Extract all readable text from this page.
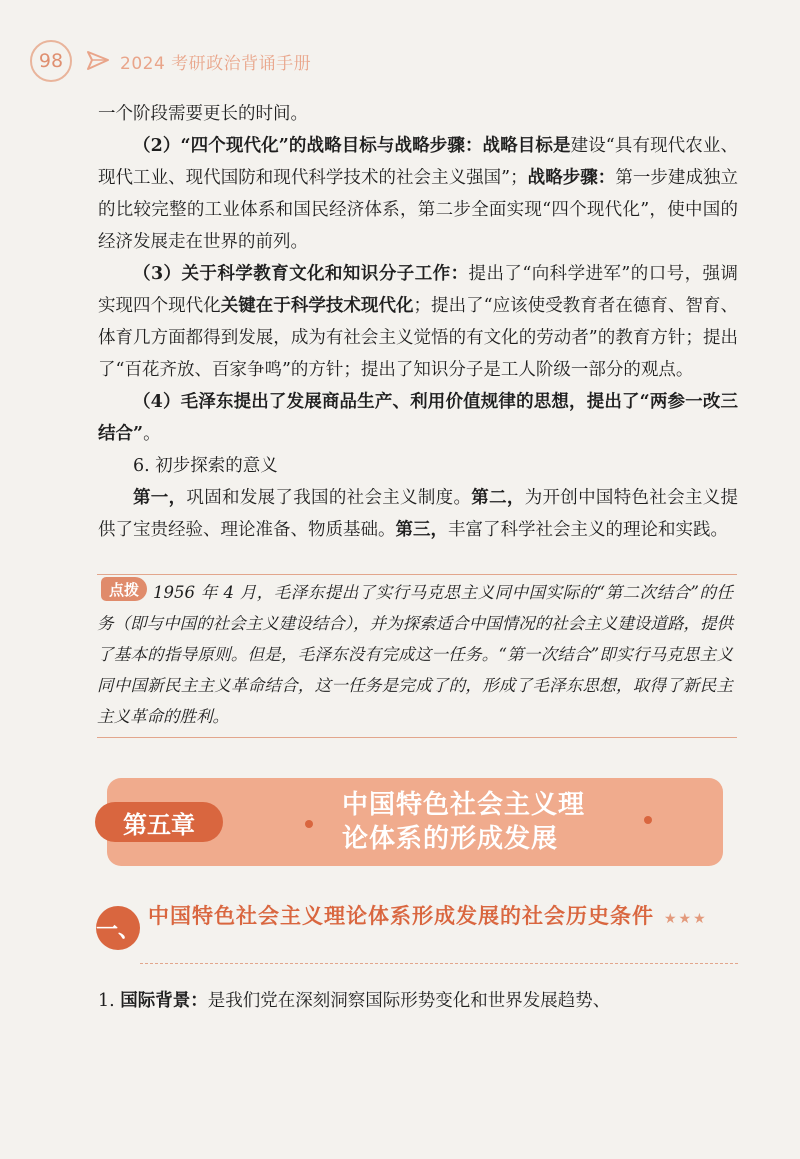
98	2024 考研政治背诵手册

一个阶段需要更长的时间。

（2）“四个现代化”的战略目标与战略步骤：战略目标是建设“具有现代农业、现代工业、现代国防和现代科学技术的社会主义强国”；战略步骤：第一步建成独立的比较完整的工业体系和国民经济体系，第二步全面实现“四个现代化”，使中国的经济发展走在世界的前列。

（3）关于科学教育文化和知识分子工作：提出了“向科学进军”的口号，强调实现四个现代化关键在于科学技术现代化；提出了“应该使受教育者在德育、智育、体育几方面都得到发展，成为有社会主义觉悟的有文化的劳动者”的教育方针；提出了“百花齐放、百家争鸣”的方针；提出了知识分子是工人阶级一部分的观点。

（4）毛泽东提出了发展商品生产、利用价值规律的思想，提出了“两参一改三结合”。

6. 初步探索的意义

第一，巩固和发展了我国的社会主义制度。第二，为开创中国特色社会主义提供了宝贵经验、理论准备、物质基础。第三，丰富了科学社会主义的理论和实践。

1956 年 4 月，毛泽东提出了实行马克思主义同中国实际的“第二次结合”的任务（即与中国的社会主义建设结合），并为探索适合中国情况的社会主义建设道路，提供了基本的指导原则。但是，毛泽东没有完成这一任务。“第一次结合”即实行马克思主义同中国新民主主义革命结合，这一任务是完成了的，形成了毛泽东思想，取得了新民主主义革命的胜利。
点拨
第五章
中国特色社会主义理
论体系的形成发展
一、
中国特色社会主义理论体系形成发展的社会历史条件 ★★★
1. 国际背景：是我们党在深刻洞察国际形势变化和世界发展趋势、
